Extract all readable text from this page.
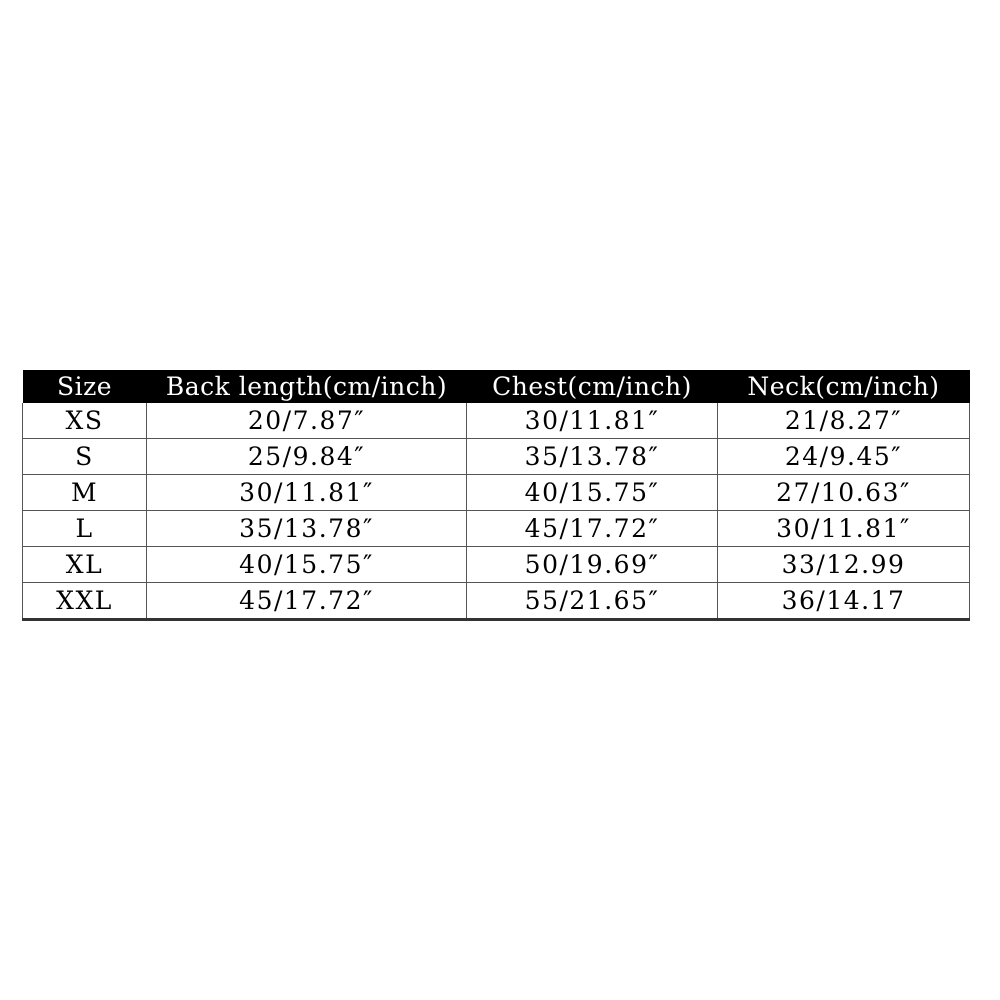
Size	Back length(cm/inch)	Chest(cm/inch)	Neck(cm/inch)
XS	20/7.87″	30/11.81″	21/8.27″
S	25/9.84″	35/13.78″	24/9.45″
M	30/11.81″	40/15.75″	27/10.63″
L	35/13.78″	45/17.72″	30/11.81″
XL	40/15.75″	50/19.69″	33/12.99
XXL	45/17.72″	55/21.65″	36/14.17
